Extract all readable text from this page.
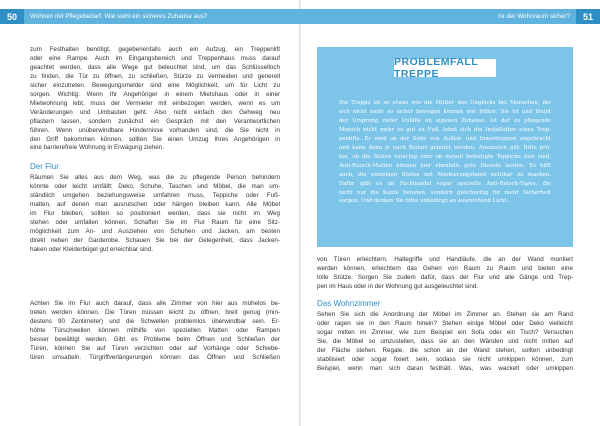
50	Wohnen mit Pflegebedarf: Wie sieht ein sicheres Zuhause aus?
zum Festhalten benötigt, gegebenenfalls auch ein Aufzug, ein Treppenlift
oder eine Rampe. Auch im Eingangsbereich und Treppenhaus muss darauf
geachtet werden, dass alle Wege gut beleuchtet sind, um das Schlüsselloch
zu finden, die Tür zu öffnen, zu schließen, Stürze zu vermeiden und generell
sicher einzutreten. Bewegungsmelder sind eine Möglichkeit, um für Licht zu
sorgen. Wichtig: Wenn Ihr Angehöriger in einem Mietshaus oder in einer
Mietwohnung lebt, muss der Vermieter mit einbezogen werden, wenn es um
Veränderungen und Umbauten geht. Also nicht einfach den Gehweg neu
pflastern lassen, sondern zunächst ein Gespräch mit den Verantwortlichen
führen. Wenn unüberwindbare Hindernisse vorhanden sind, die Sie nicht in
den Griff bekommen können, sollten Sie einen Umzug Ihres Angehörigen in
eine barrierefreie Wohnung in Erwägung ziehen.
Der Flur
Räumen Sie alles aus dem Weg, was die zu pflegende Person behindern
könnte oder leicht umfällt: Deko, Schuhe, Taschen und Möbel, die man um-
ständlich umgehen beziehungsweise umfahren muss, Teppiche oder Fuß-
matten, auf denen man ausrutschen oder hängen bleiben kann. Alle Möbel
im Flur bleiben, sollten so positioniert werden, dass sie nicht im Weg
stehen oder umfallen können. Schaffen Sie im Flur Raum für eine Sitz-
möglichkeit zum An- und Ausziehen von Schuhen und Jacken, am besten
direkt neben der Garderobe. Schauen Sie bei der Gelegenheit, dass Jacken-
haken oder Kleiderbügel gut erreichbar sind.
Achten Sie im Flur auch darauf, dass alle Zimmer von hier aus mühelos be-
treten werden können. Die Türen müssen leicht zu öffnen, breit genug (min-
destens 90 Zentimeter) und die Schwellen problemlos überwindbar sein. Er-
höhte Türschwellen können mithilfe von speziellen Matten oder Rampen
besser bewältigt werden. Gibt es Probleme beim Öffnen und Schließen der
Türen, können Sie auf Türen verzichten oder auf Vorhänge oder Schiebe-
türen umsatteln. Türgriffverlängerungen können das Öffnen und Schließen
Ist der Wohnraum sicher?	51
PROBLEMFALL TREPPE
Die Treppe ist so etwas wie die Mutter des Unglücks bei Menschen, die
sich nicht mehr so sicher bewegen können wie früher. Sie ist und bleibt
der Ursprung vieler Unfälle im eigenen Zuhause. Ist der zu pflegende
Mensch nicht mehr so gut zu Fuß, lohnt sich die Installation eines Trep-
penlifts. Er wird an der Seite von Außen- und Innentreppen angebracht
und kann dann je nach Bedarf genutzt werden. Ansonsten gilt: Bitte prü-
fen, ob die Stufen rutschig oder ob darauf befestigte Teppiche lose sind.
Anti-Rutsch-Matten können hier ebenfalls gute Dienste leisten. Es hilft
auch, die einzelnen Stufen mit Markierungsband sichtbar zu machen.
Dafür gibt es im Fachhandel sogar spezielle Anti-Rutsch-Tapes, die
nicht nur die Kante betonen, sondern gleichzeitig für mehr Sicherheit
sorgen. Und denken Sie bitte unbedingt an ausreichend Licht.
von Türen erleichtern. Haltegriffe und Handläufe, die an der Wand montiert
werden können, erleichtern das Gehen von Raum zu Raum und bieten eine
tolle Stütze. Sorgen Sie zudem dafür, dass der Flur und alle Gänge und Trep-
pen im Haus oder in der Wohnung gut ausgeleuchtet sind.
Das Wohnzimmer
Sehen Sie sich die Anordnung der Möbel im Zimmer an. Stehen sie am Rand
oder ragen sie in den Raum hinein? Stehen einige Möbel oder Deko vielleicht
sogar mitten im Zimmer, wie zum Beispiel ein Sofa oder ein Tisch? Versuchen
Sie, die Möbel so umzustellen, dass sie an den Wänden und nicht mitten auf
der Fläche stehen. Regale, die schon an der Wand stehen, sollten unbedingt
stabilisiert oder sogar fixiert sein, sodass sie nicht umkippen können, zum
Beispiel, wenn man sich daran festhält. Was, was wackelt oder umkippen
